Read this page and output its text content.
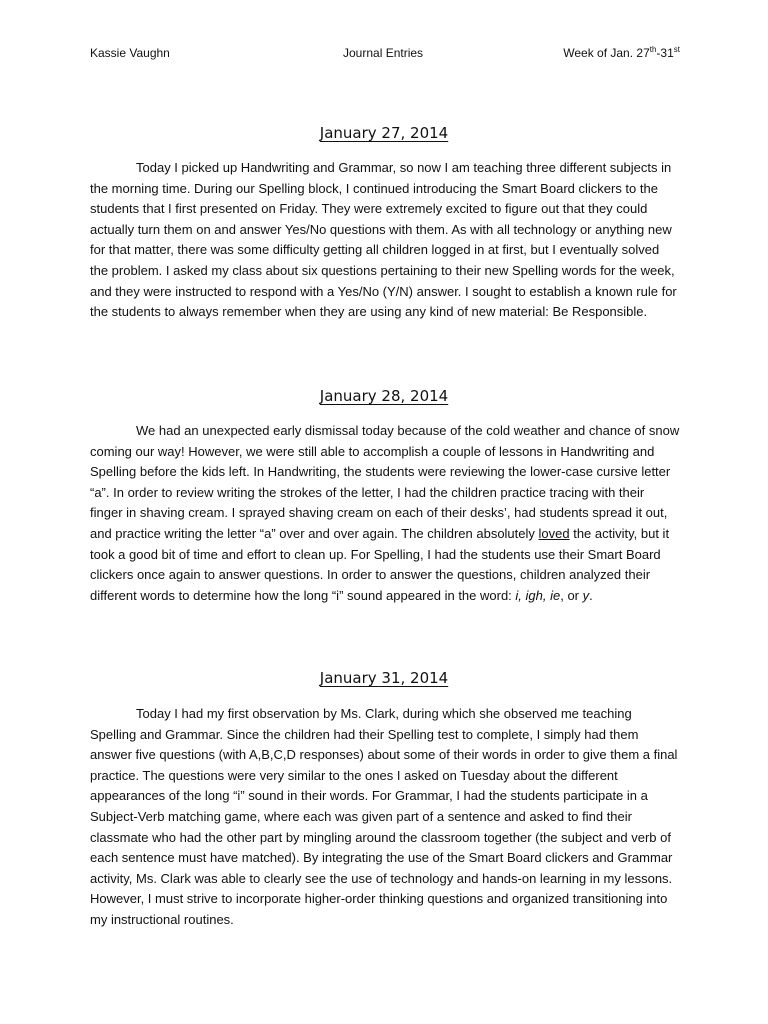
Kassie Vaughn	Journal Entries	Week of Jan. 27th-31st
January 27, 2014

Today I picked up Handwriting and Grammar, so now I am teaching three different subjects in the morning time. During our Spelling block, I continued introducing the Smart Board clickers to the students that I first presented on Friday. They were extremely excited to figure out that they could actually turn them on and answer Yes/No questions with them. As with all technology or anything new for that matter, there was some difficulty getting all children logged in at first, but I eventually solved the problem. I asked my class about six questions pertaining to their new Spelling words for the week, and they were instructed to respond with a Yes/No (Y/N) answer. I sought to establish a known rule for the students to always remember when they are using any kind of new material: Be Responsible.

January 28, 2014

We had an unexpected early dismissal today because of the cold weather and chance of snow coming our way! However, we were still able to accomplish a couple of lessons in Handwriting and Spelling before the kids left. In Handwriting, the students were reviewing the lower-case cursive letter “a”. In order to review writing the strokes of the letter, I had the children practice tracing with their finger in shaving cream. I sprayed shaving cream on each of their desks’, had students spread it out, and practice writing the letter “a” over and over again. The children absolutely loved the activity, but it took a good bit of time and effort to clean up. For Spelling, I had the students use their Smart Board clickers once again to answer questions. In order to answer the questions, children analyzed their different words to determine how the long “i” sound appeared in the word: i, igh, ie, or y.

January 31, 2014

Today I had my first observation by Ms. Clark, during which she observed me teaching Spelling and Grammar. Since the children had their Spelling test to complete, I simply had them answer five questions (with A,B,C,D responses) about some of their words in order to give them a final practice. The questions were very similar to the ones I asked on Tuesday about the different appearances of the long “i” sound in their words. For Grammar, I had the students participate in a Subject-Verb matching game, where each was given part of a sentence and asked to find their classmate who had the other part by mingling around the classroom together (the subject and verb of each sentence must have matched). By integrating the use of the Smart Board clickers and Grammar activity, Ms. Clark was able to clearly see the use of technology and hands-on learning in my lessons. However, I must strive to incorporate higher-order thinking questions and organized transitioning into my instructional routines.
